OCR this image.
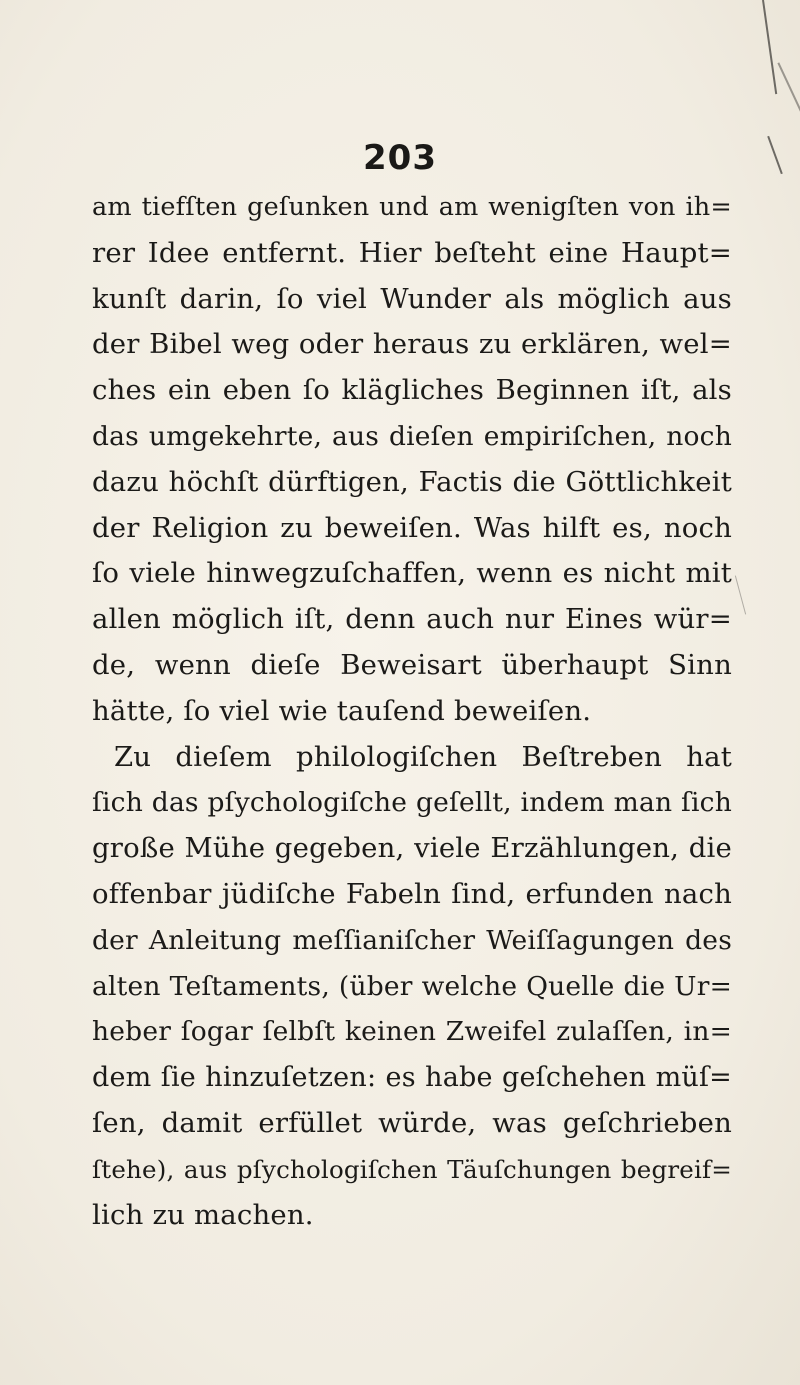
203
am tiefſten geſunken und am wenigſten von ih=
rer Idee entfernt. Hier beſteht eine Haupt=
kunſt darin, ſo viel Wunder als möglich aus
der Bibel weg oder heraus zu erklären, wel=
ches ein eben ſo klägliches Beginnen iſt, als
das umgekehrte, aus dieſen empiriſchen, noch
dazu höchſt dürftigen, Factis die Göttlichkeit
der Religion zu beweiſen. Was hilft es, noch
ſo viele hinwegzuſchaffen, wenn es nicht mit
allen möglich iſt, denn auch nur Eines wür=
de, wenn dieſe Beweisart überhaupt Sinn
hätte, ſo viel wie tauſend beweiſen.
Zu dieſem philologiſchen Beſtreben hat
ſich das pſychologiſche geſellt, indem man ſich
große Mühe gegeben, viele Erzählungen, die
offenbar jüdiſche Fabeln ſind, erfunden nach
der Anleitung meſſianiſcher Weiſſagungen des
alten Teſtaments, (über welche Quelle die Ur=
heber ſogar ſelbſt keinen Zweifel zulaſſen, in=
dem ſie hinzuſetzen: es habe geſchehen müſ=
ſen, damit erfüllet würde, was geſchrieben
ſtehe), aus pſychologiſchen Täuſchungen begreif=
lich zu machen.
